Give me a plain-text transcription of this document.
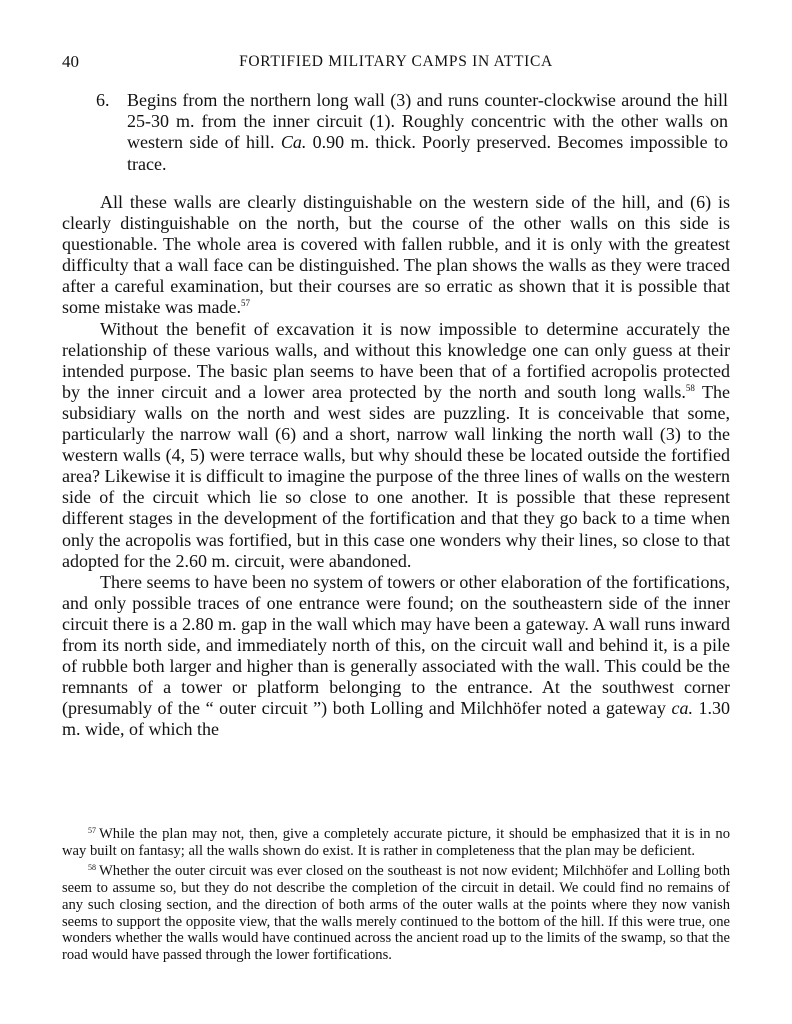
40	FORTIFIED MILITARY CAMPS IN ATTICA
6. Begins from the northern long wall (3) and runs counter-clockwise around the hill 25-30 m. from the inner circuit (1). Roughly concentric with the other walls on western side of hill. Ca. 0.90 m. thick. Poorly preserved. Becomes impossible to trace.

All these walls are clearly distinguishable on the western side of the hill, and (6) is clearly distinguishable on the north, but the course of the other walls on this side is questionable. The whole area is covered with fallen rubble, and it is only with the greatest difficulty that a wall face can be distinguished. The plan shows the walls as they were traced after a careful examination, but their courses are so erratic as shown that it is possible that some mistake was made.$^{57}$

Without the benefit of excavation it is now impossible to determine accurately the relationship of these various walls, and without this knowledge one can only guess at their intended purpose. The basic plan seems to have been that of a fortified acropolis protected by the inner circuit and a lower area protected by the north and south long walls.$^{58}$ The subsidiary walls on the north and west sides are puzzling. It is conceivable that some, particularly the narrow wall (6) and a short, narrow wall linking the north wall (3) to the western walls (4, 5) were terrace walls, but why should these be located outside the fortified area? Likewise it is difficult to imagine the purpose of the three lines of walls on the western side of the circuit which lie so close to one another. It is possible that these represent different stages in the development of the fortification and that they go back to a time when only the acropolis was fortified, but in this case one wonders why their lines, so close to that adopted for the 2.60 m. circuit, were abandoned.

There seems to have been no system of towers or other elaboration of the fortifications, and only possible traces of one entrance were found; on the southeastern side of the inner circuit there is a 2.80 m. gap in the wall which may have been a gateway. A wall runs inward from its north side, and immediately north of this, on the circuit wall and behind it, is a pile of rubble both larger and higher than is generally associated with the wall. This could be the remnants of a tower or platform belonging to the entrance. At the southwest corner (presumably of the “ outer circuit ”) both Lolling and Milchhöfer noted a gateway ca. 1.30 m. wide, of which the

$^{57}$ While the plan may not, then, give a completely accurate picture, it should be emphasized that it is in no way built on fantasy; all the walls shown do exist. It is rather in completeness that the plan may be deficient.

$^{58}$ Whether the outer circuit was ever closed on the southeast is not now evident; Milchhöfer and Lolling both seem to assume so, but they do not describe the completion of the circuit in detail. We could find no remains of any such closing section, and the direction of both arms of the outer walls at the points where they now vanish seems to support the opposite view, that the walls merely continued to the bottom of the hill. If this were true, one wonders whether the walls would have continued across the ancient road up to the limits of the swamp, so that the road would have passed through the lower fortifications.
